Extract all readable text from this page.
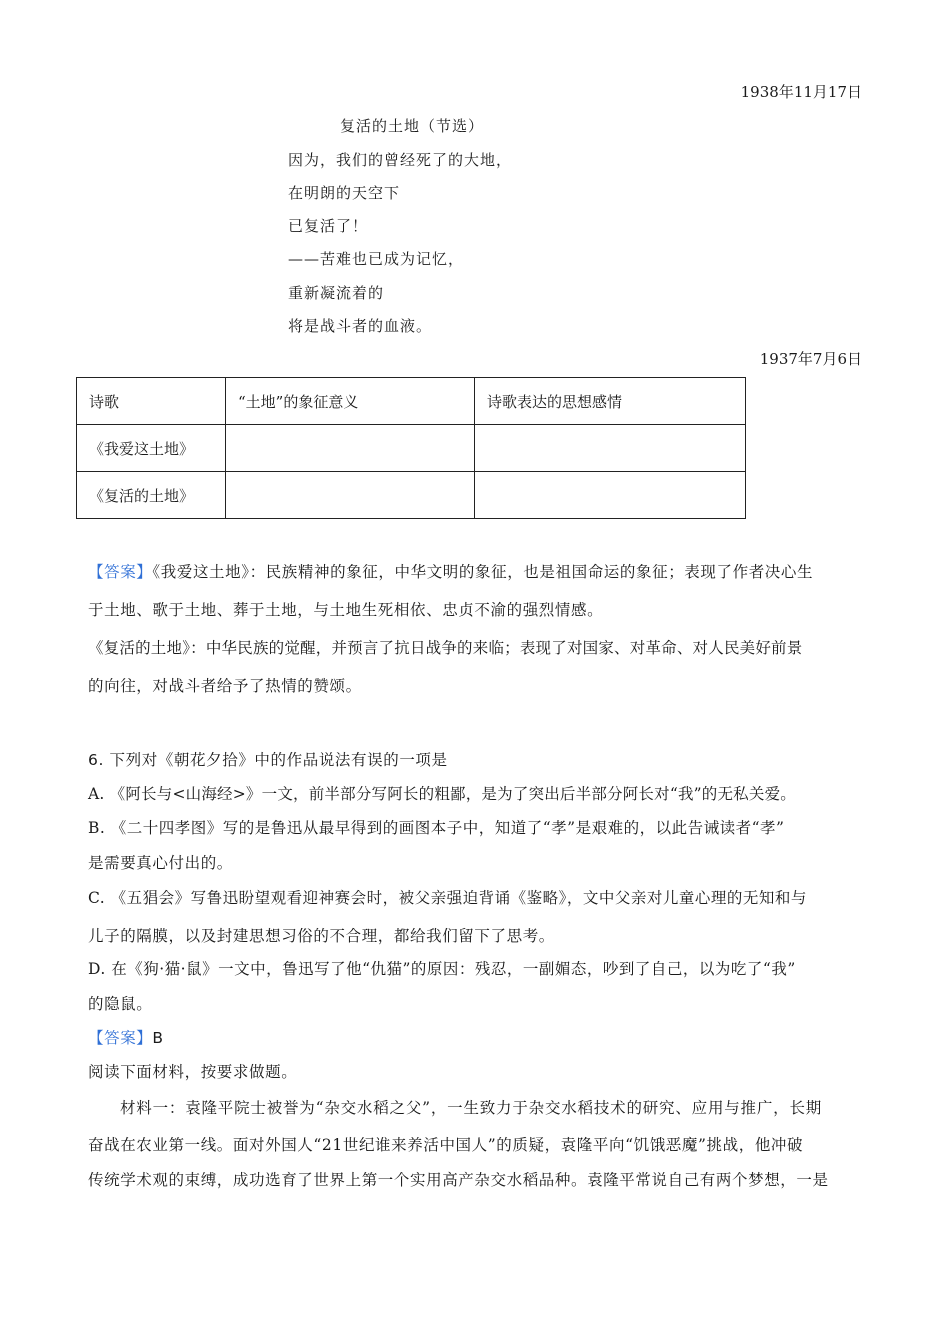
1938年11月17日
复活的土地（节选）
因为，我们的曾经死了的大地，
在明朗的天空下
已复活了！
——苦难也已成为记忆，
重新凝流着的
将是战斗者的血液。
1937年7月6日
诗歌	“土地”的象征意义	诗歌表达的思想感情
《我爱这土地》		
《复活的土地》		
【答案】《我爱这土地》：民族精神的象征，中华文明的象征，也是祖国命运的象征；表现了作者决心生
于土地、歌于土地、葬于土地，与土地生死相依、忠贞不渝的强烈情感。
《复活的土地》：中华民族的觉醒，并预言了抗日战争的来临；表现了对国家、对革命、对人民美好前景
的向往，对战斗者给予了热情的赞颂。
6. 下列对《朝花夕拾》中的作品说法有误的一项是
A. 《阿长与<山海经>》一文，前半部分写阿长的粗鄙，是为了突出后半部分阿长对“我”的无私关爱。
B. 《二十四孝图》写的是鲁迅从最早得到的画图本子中，知道了“孝”是艰难的，以此告诫读者“孝”
是需要真心付出的。
C. 《五猖会》写鲁迅盼望观看迎神赛会时，被父亲强迫背诵《鉴略》，文中父亲对儿童心理的无知和与
儿子的隔膜，以及封建思想习俗的不合理，都给我们留下了思考。
D. 在《狗·猫·鼠》一文中，鲁迅写了他“仇猫”的原因：残忍，一副媚态，吵到了自己，以为吃了“我”
的隐鼠。
【答案】B
阅读下面材料，按要求做题。
材料一：袁隆平院士被誉为“杂交水稻之父”，一生致力于杂交水稻技术的研究、应用与推广，长期
奋战在农业第一线。面对外国人“21世纪谁来养活中国人”的质疑，袁隆平向“饥饿恶魔”挑战，他冲破
传统学术观的束缚，成功选育了世界上第一个实用高产杂交水稻品种。袁隆平常说自己有两个梦想，一是
